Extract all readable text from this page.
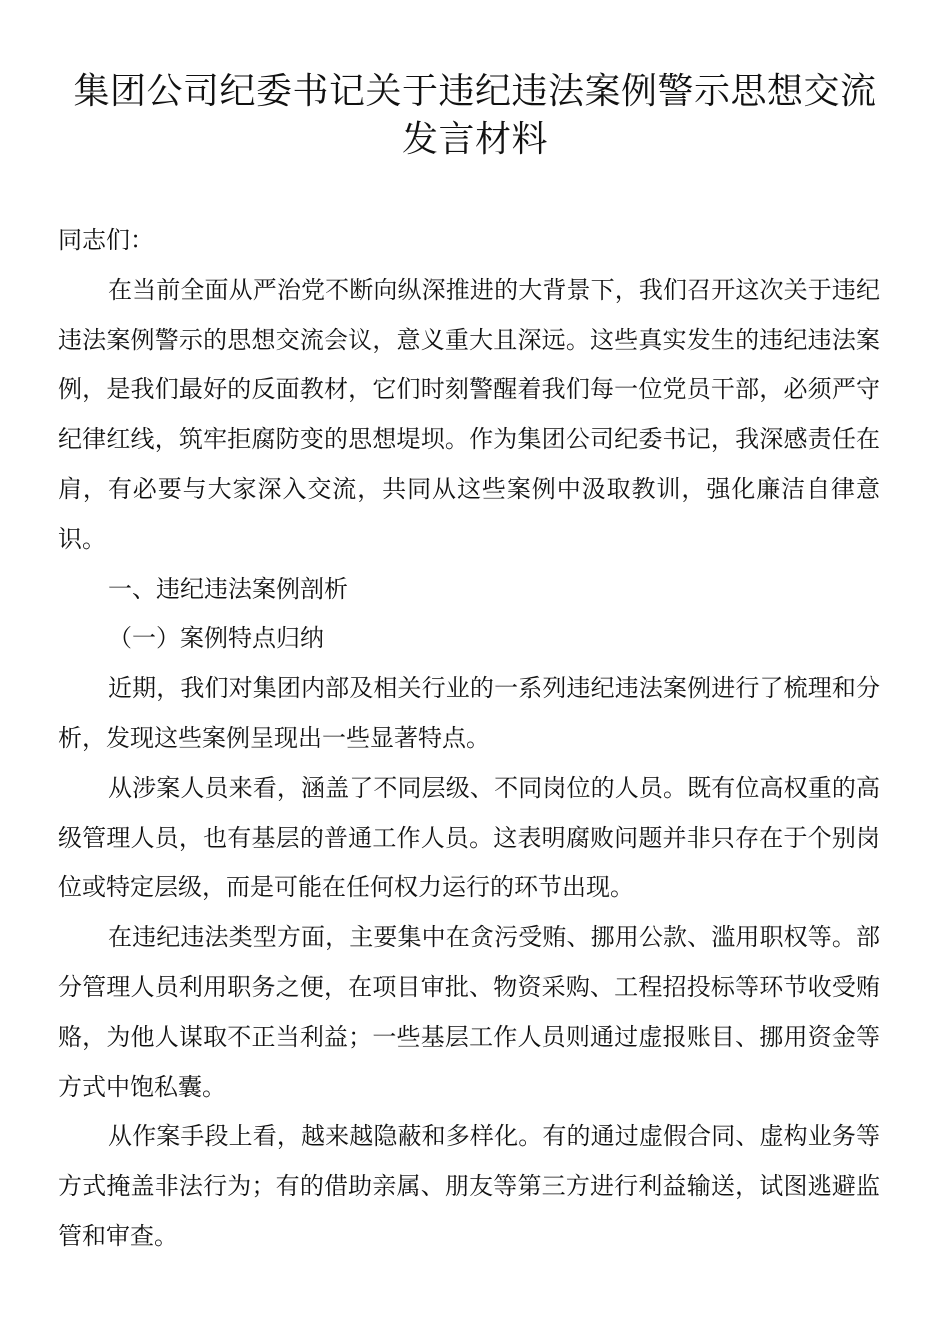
集团公司纪委书记关于违纪违法案例警示思想交流发言材料

同志们：

在当前全面从严治党不断向纵深推进的大背景下，我们召开这次关于违纪违法案例警示的思想交流会议，意义重大且深远。这些真实发生的违纪违法案例，是我们最好的反面教材，它们时刻警醒着我们每一位党员干部，必须严守纪律红线，筑牢拒腐防变的思想堤坝。作为集团公司纪委书记，我深感责任在肩，有必要与大家深入交流，共同从这些案例中汲取教训，强化廉洁自律意识。

一、违纪违法案例剖析

（一）案例特点归纳

近期，我们对集团内部及相关行业的一系列违纪违法案例进行了梳理和分析，发现这些案例呈现出一些显著特点。

从涉案人员来看，涵盖了不同层级、不同岗位的人员。既有位高权重的高级管理人员，也有基层的普通工作人员。这表明腐败问题并非只存在于个别岗位或特定层级，而是可能在任何权力运行的环节出现。

在违纪违法类型方面，主要集中在贪污受贿、挪用公款、滥用职权等。部分管理人员利用职务之便，在项目审批、物资采购、工程招投标等环节收受贿赂，为他人谋取不正当利益；一些基层工作人员则通过虚报账目、挪用资金等方式中饱私囊。

从作案手段上看，越来越隐蔽和多样化。有的通过虚假合同、虚构业务等方式掩盖非法行为；有的借助亲属、朋友等第三方进行利益输送，试图逃避监管和审查。
